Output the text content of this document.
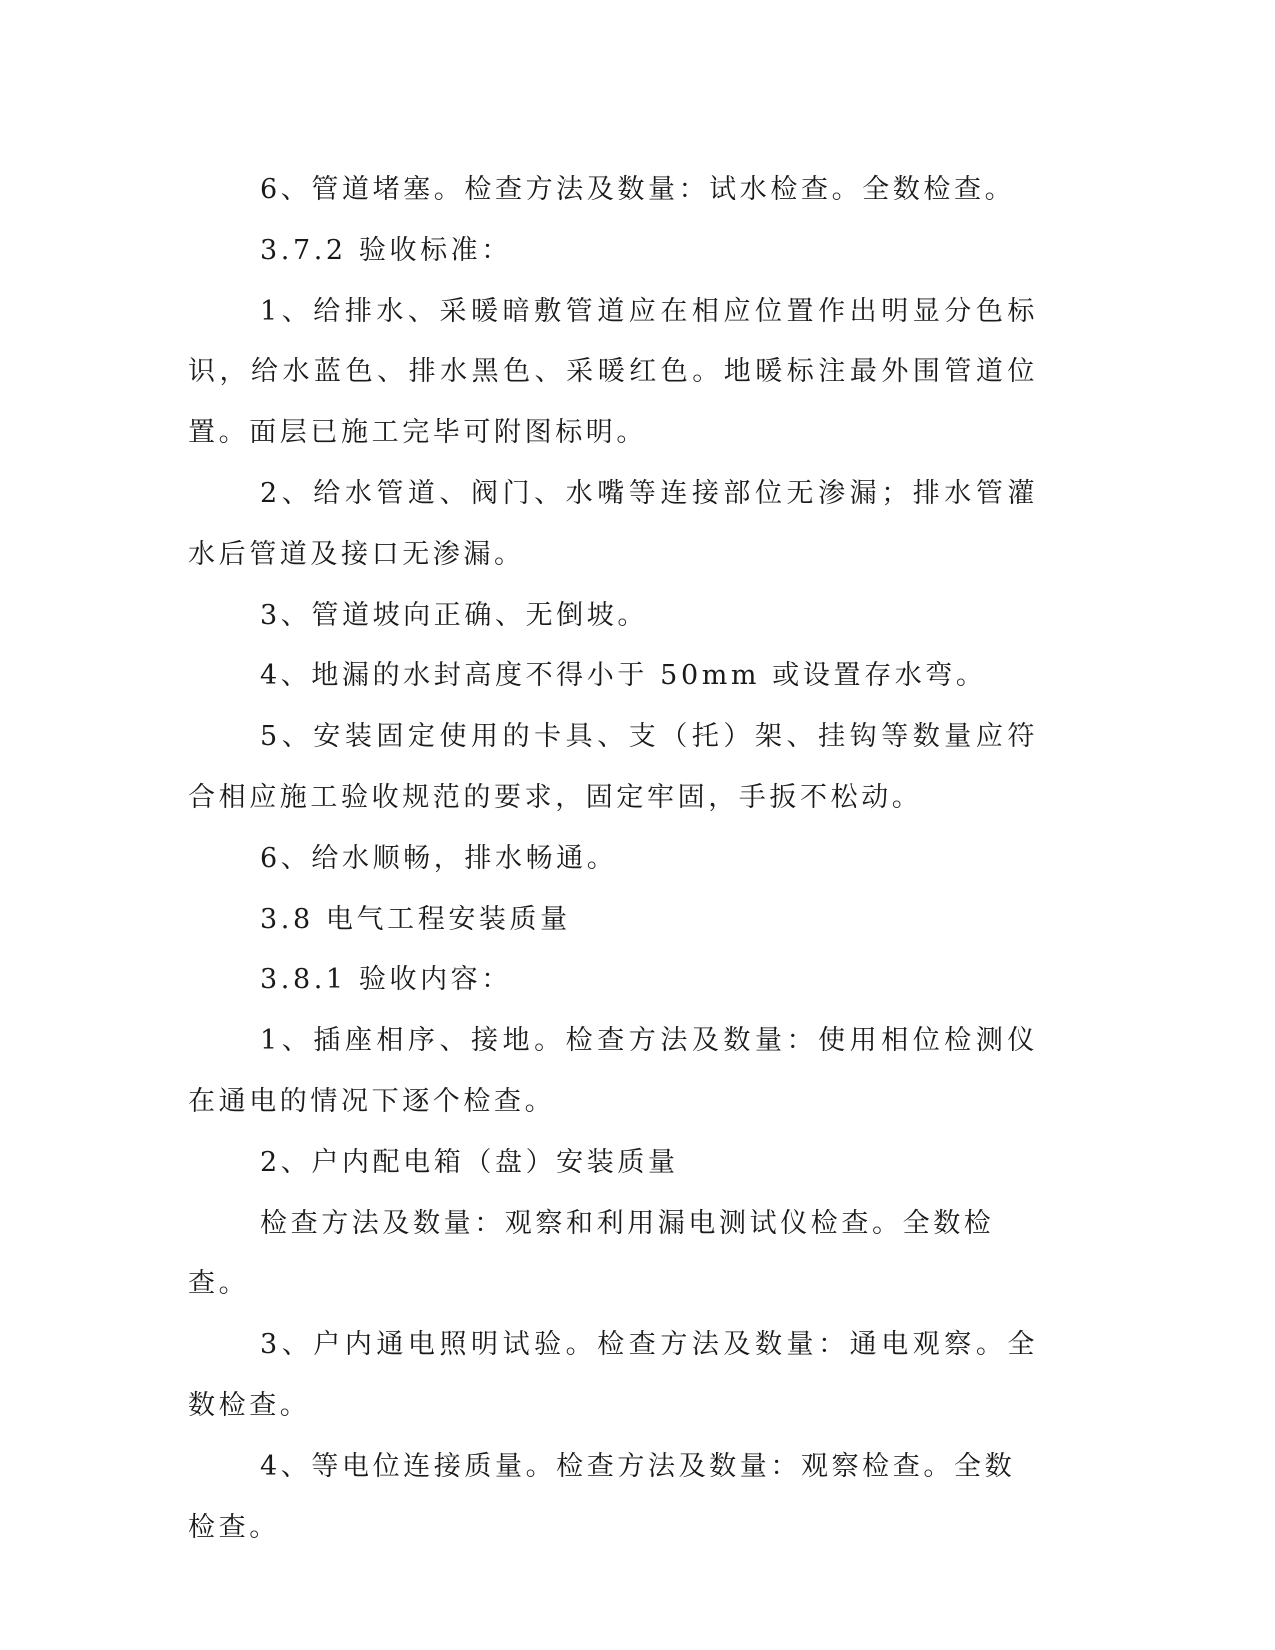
6、管道堵塞。检查方法及数量：试水检查。全数检查。

3.7.2 验收标准：

1、给排水、采暖暗敷管道应在相应位置作出明显分色标识，给水蓝色、排水黑色、采暖红色。地暖标注最外围管道位置。面层已施工完毕可附图标明。

2、给水管道、阀门、水嘴等连接部位无渗漏；排水管灌水后管道及接口无渗漏。

3、管道坡向正确、无倒坡。

4、地漏的水封高度不得小于 50mm 或设置存水弯。

5、安装固定使用的卡具、支（托）架、挂钩等数量应符合相应施工验收规范的要求，固定牢固，手扳不松动。

6、给水顺畅，排水畅通。

3.8 电气工程安装质量

3.8.1 验收内容：

1、插座相序、接地。检查方法及数量：使用相位检测仪在通电的情况下逐个检查。

2、户内配电箱（盘）安装质量

检查方法及数量：观察和利用漏电测试仪检查。全数检查。

3、户内通电照明试验。检查方法及数量：通电观察。全数检查。

4、等电位连接质量。检查方法及数量：观察检查。全数检查。
